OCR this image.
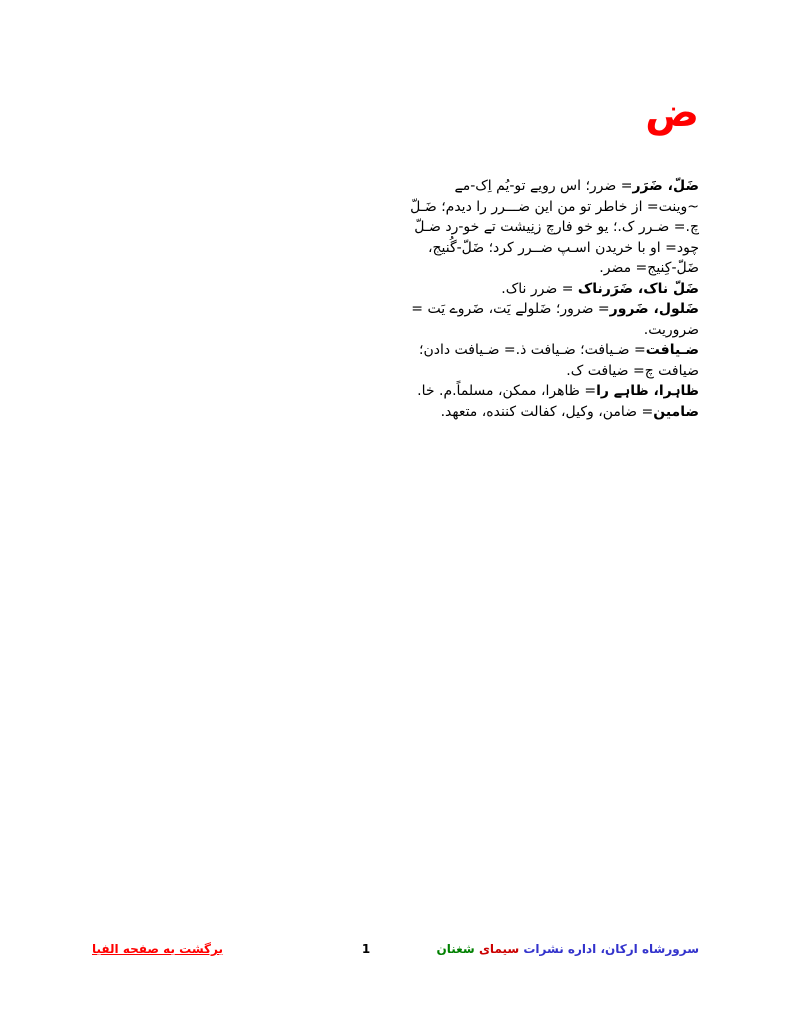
ض

ضَلّ، ضَرَر= ضرر؛ اس رویے تو-یُم اِک-مے ~وینت= از خاطر تو من این ضـــرر را دیدم؛ ضَـلّ چ.= ضـرر ک.؛ یو خو فارچ زنِیشت تے خو-رد ضـلّ چود= او با خریدن اسـپ ضــرر کرد؛ ضَلّ-گُنیج، ضَلّ-کِنیج= مضر.

ضَلّ ناک، ضَرَرناک = ضرر ناک.

ضَلول، ضَرور= ضرور؛ ضَلولے یَت، ضَروے یَت = ضروریت.

ضـیافت= ضـیافت؛ ضـیافت ذ.= ضـیافت دادن؛ ضیافت چ= ضیافت ک.

ظاہرا، ظاہے را= ظاهرا، ممکن، مسلماً.م. خا.

ضامین= ضامن، وکیل، کفالت کننده، متعهد.

سرورشاه ارکان، اداره نشرات سیمای شغنان
1
برگشت به صفحه الفبا
